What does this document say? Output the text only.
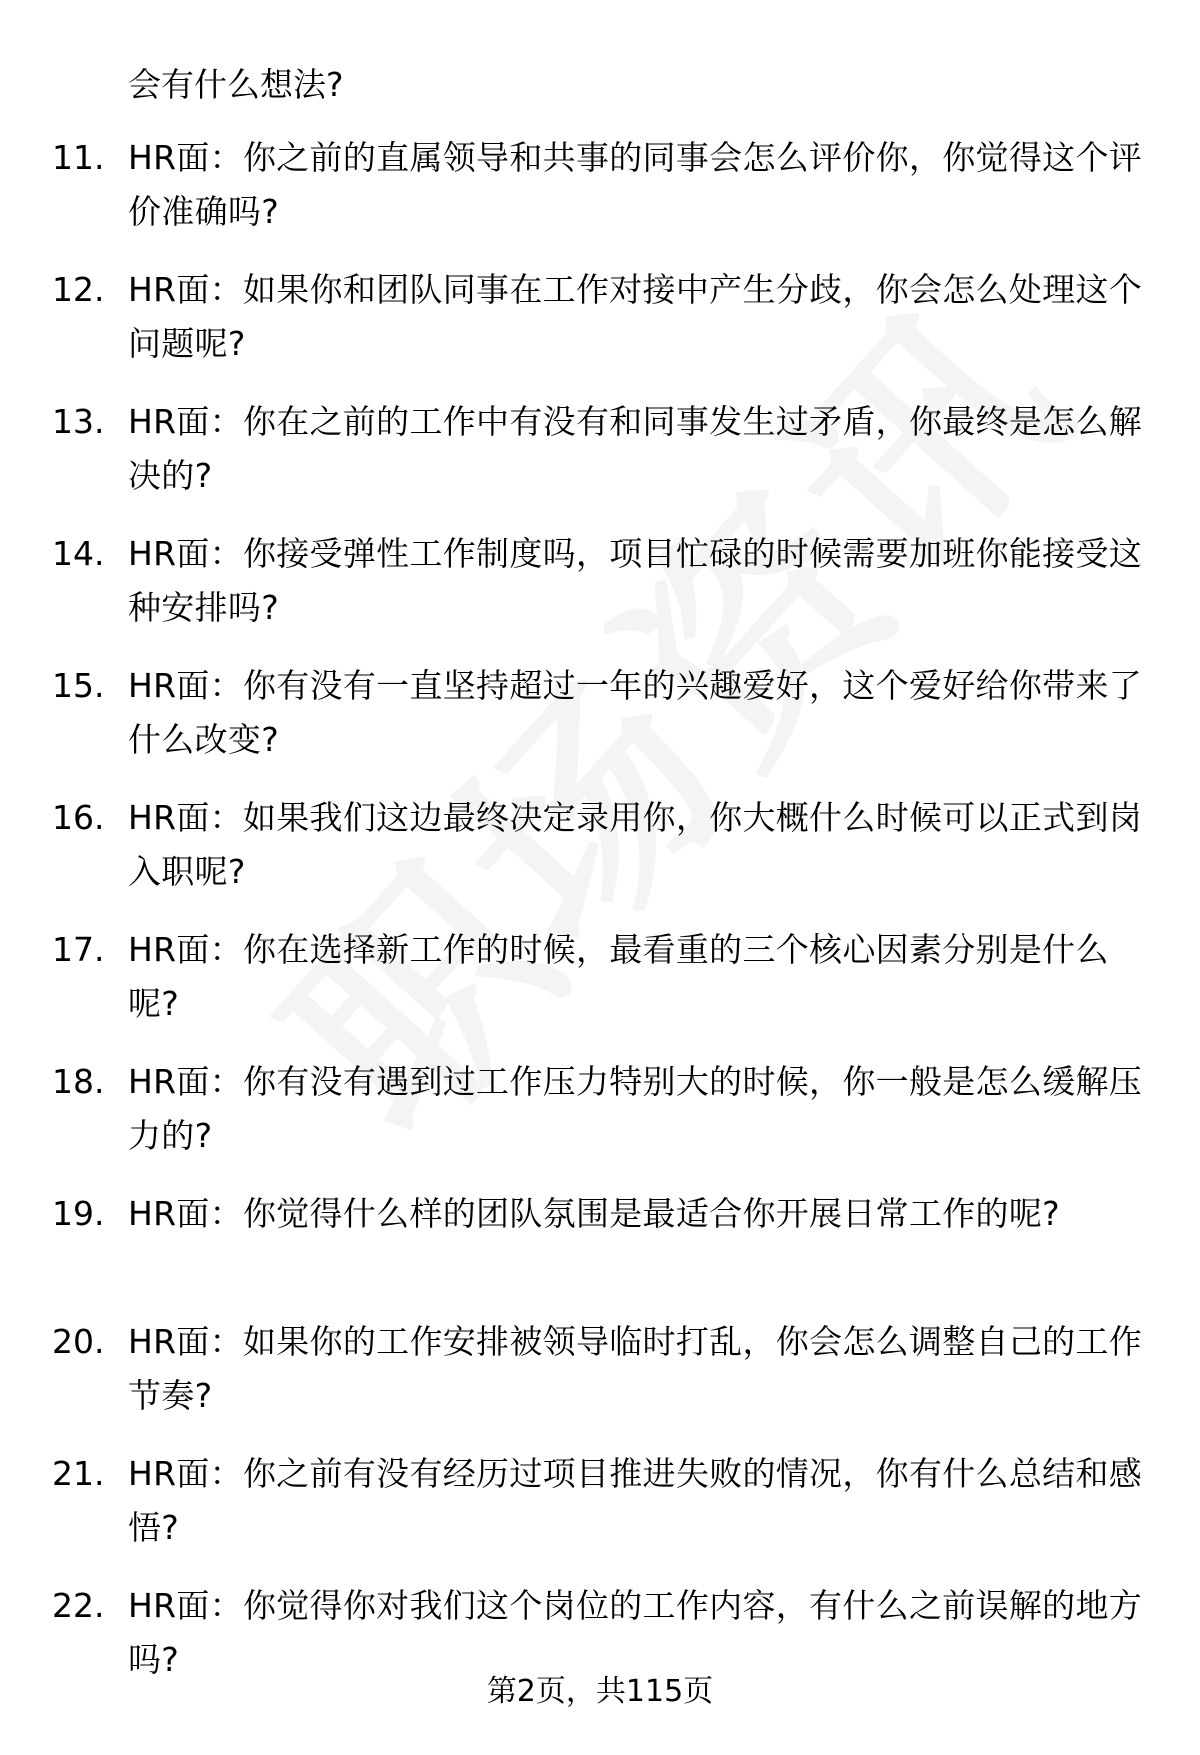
会有什么想法?
11. HR面：你之前的直属领导和共事的同事会怎么评价你，你觉得这个评价准确吗?
12. HR面：如果你和团队同事在工作对接中产生分歧，你会怎么处理这个问题呢?
13. HR面：你在之前的工作中有没有和同事发生过矛盾，你最终是怎么解决的?
14. HR面：你接受弹性工作制度吗，项目忙碌的时候需要加班你能接受这种安排吗?
15. HR面：你有没有一直坚持超过一年的兴趣爱好，这个爱好给你带来了什么改变?
16. HR面：如果我们这边最终决定录用你，你大概什么时候可以正式到岗入职呢?
17. HR面：你在选择新工作的时候，最看重的三个核心因素分别是什么呢?
18. HR面：你有没有遇到过工作压力特别大的时候，你一般是怎么缓解压力的?
19. HR面：你觉得什么样的团队氛围是最适合你开展日常工作的呢?
20. HR面：如果你的工作安排被领导临时打乱，你会怎么调整自己的工作节奏?
21. HR面：你之前有没有经历过项目推进失败的情况，你有什么总结和感悟?
22. HR面：你觉得你对我们这个岗位的工作内容，有什么之前误解的地方吗?
第2页，共115页
